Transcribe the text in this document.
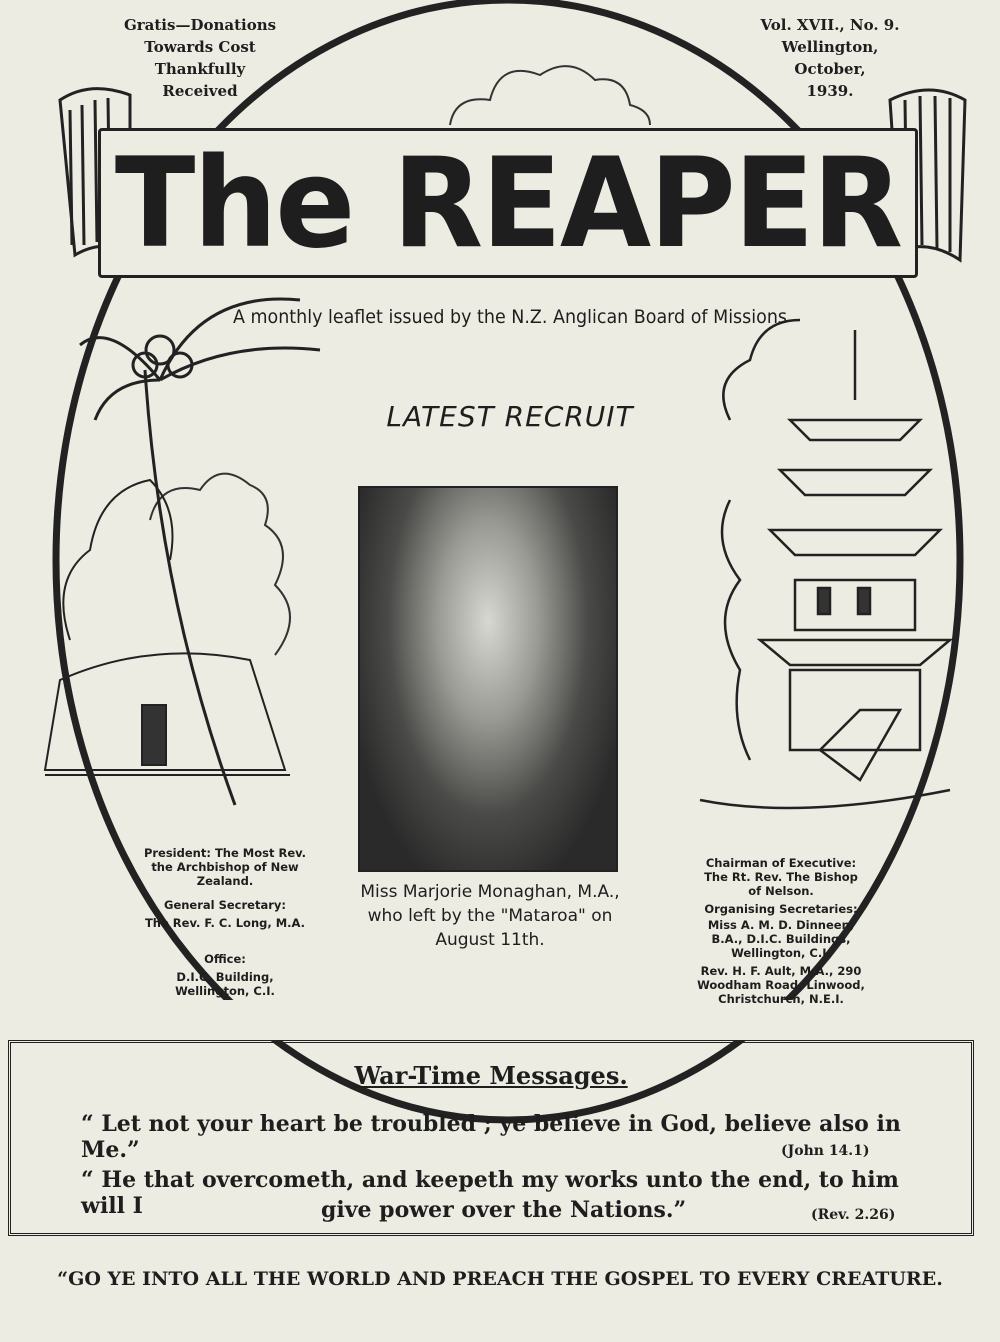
Gratis—Donations
Towards Cost
Thankfully
Received
Vol. XVII., No. 9.
Wellington,
October,
1939.
The REAPER
A monthly leaflet issued by the N.Z. Anglican Board of Missions
LATEST RECRUIT
Miss Marjorie Monaghan, M.A.,
who left by the "Mataroa" on
August 11th.

President: The Most Rev. the Archbishop of New Zealand.

General Secretary:

The Rev. F. C. Long, M.A.

Office:

D.I.C. Building, Wellington, C.I.

Chairman of Executive: The Rt. Rev. The Bishop of Nelson.

Organising Secretaries:

Miss A. M. D. Dinneen, B.A., D.I.C. Buildings, Wellington, C.I.

Rev. H. F. Ault, M.A., 290 Woodham Road, Linwood, Christchurch, N.E.I.

War-Time Messages.
“ Let not your heart be troubled ; ye believe in God, believe also in Me.”	(John 14.1)
“ He that overcometh, and keepeth my works unto the end, to him will I	give power over the Nations.”	(Rev. 2.26)
“GO YE INTO ALL THE WORLD AND PREACH THE GOSPEL TO EVERY CREATURE.
